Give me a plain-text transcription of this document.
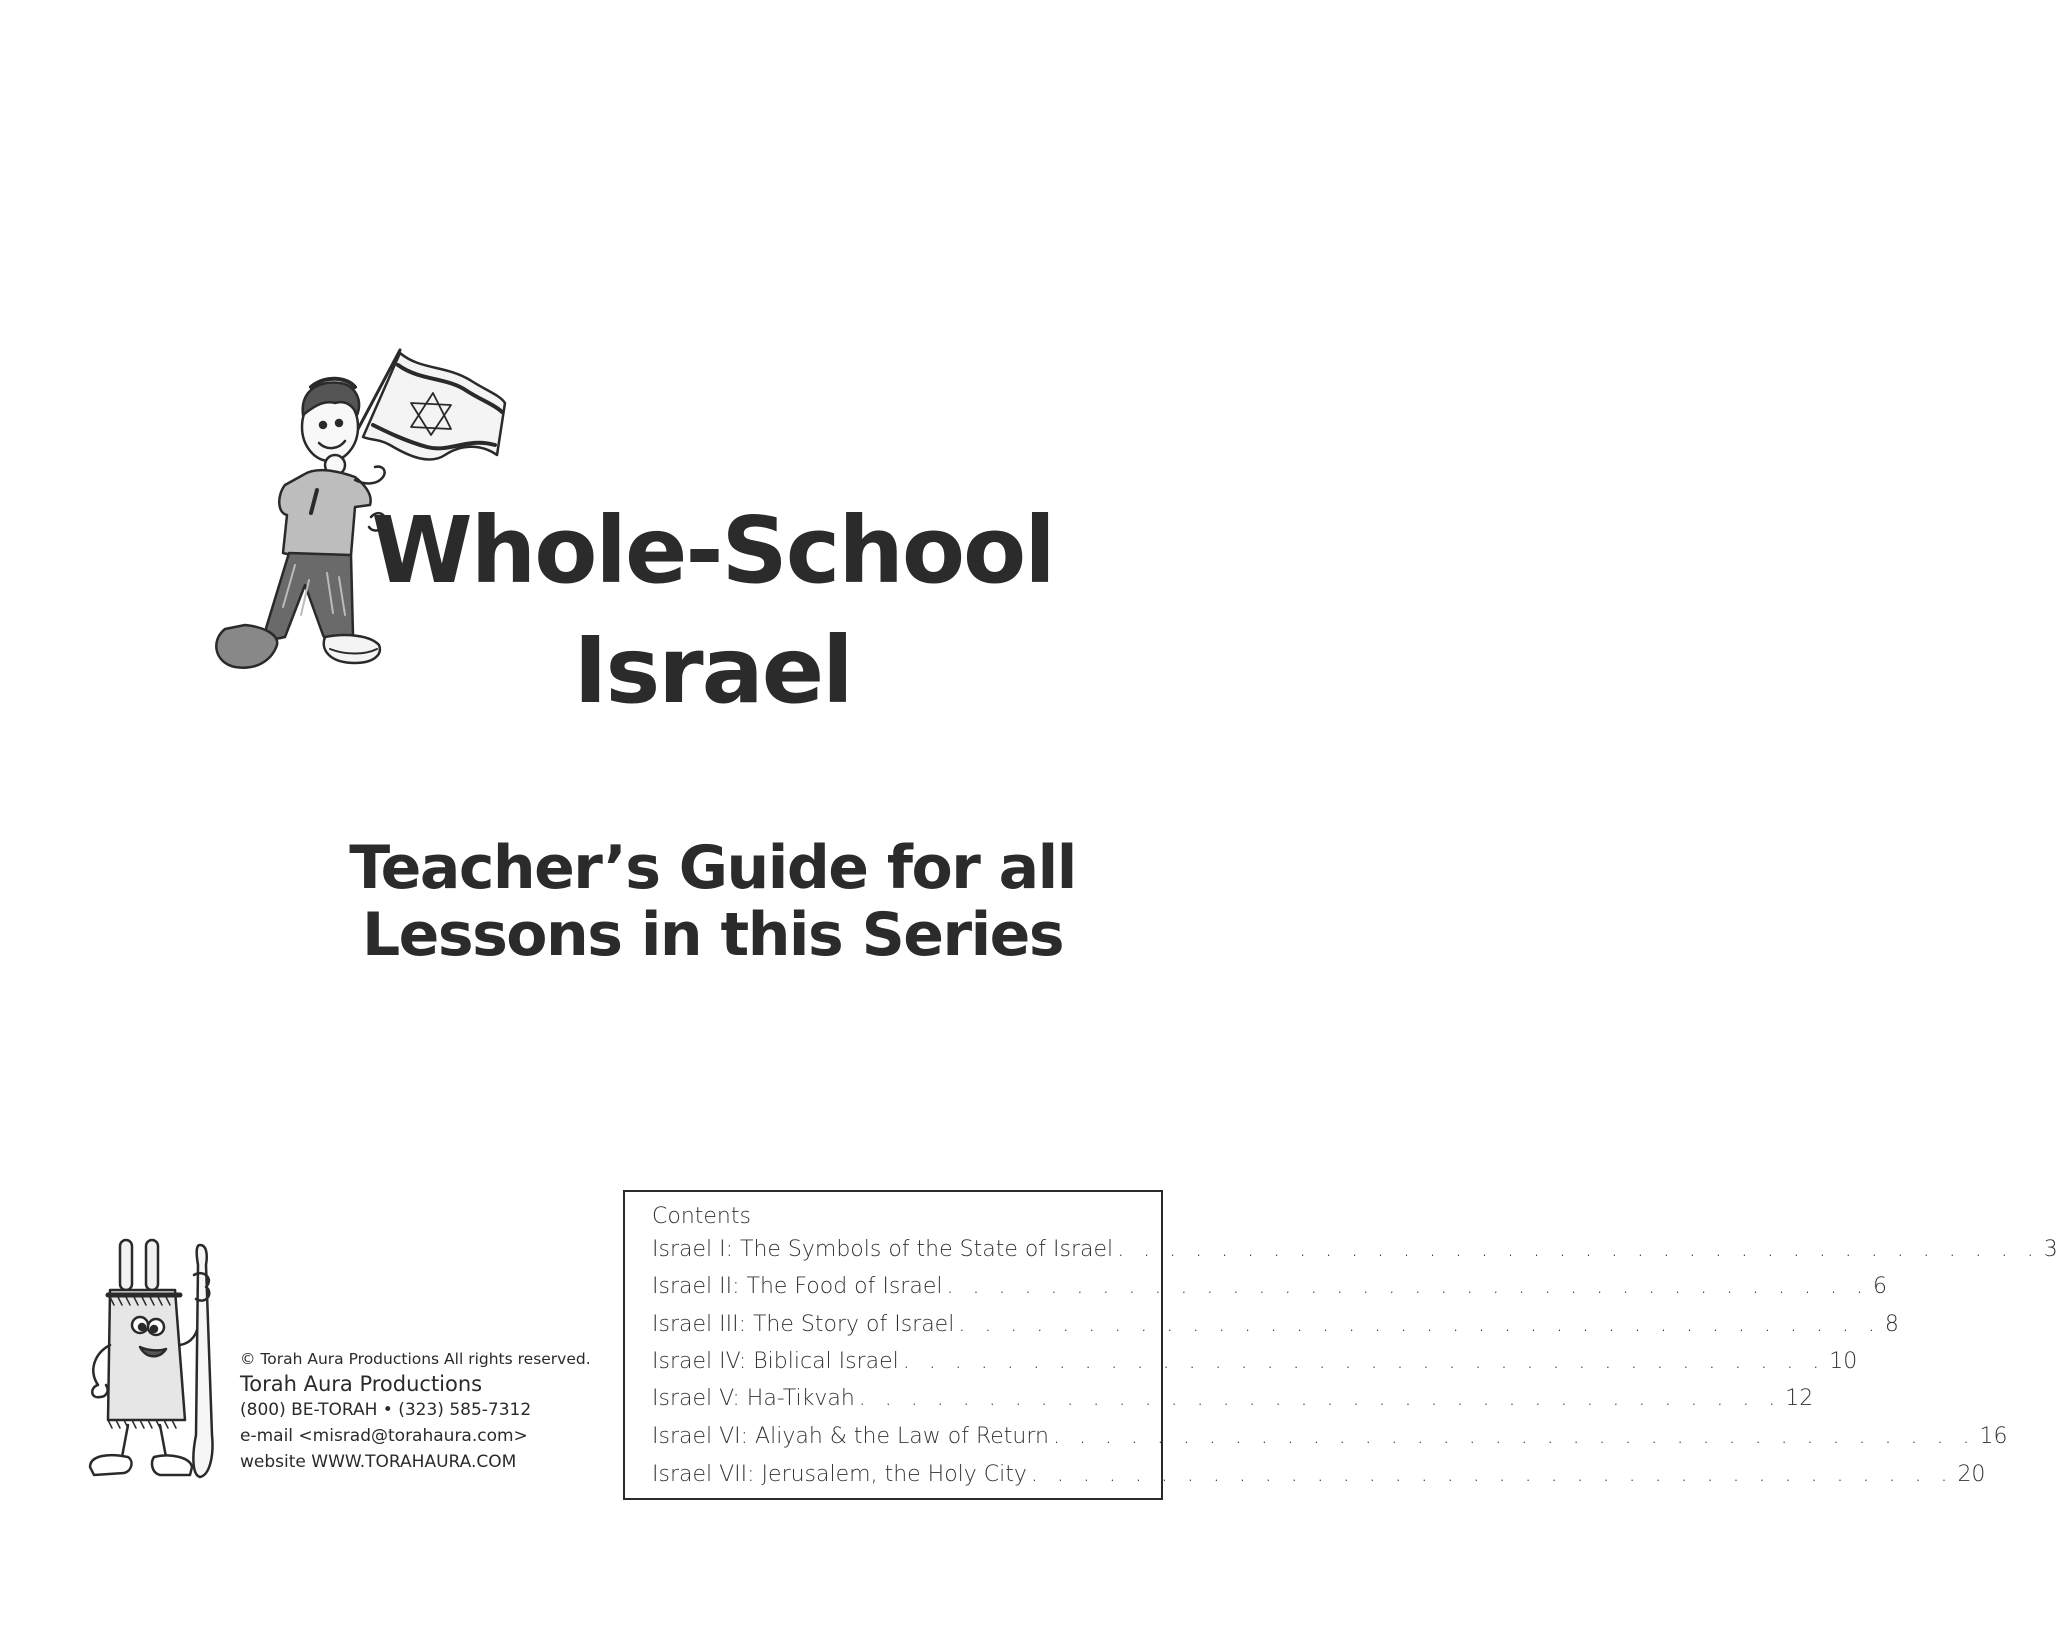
Whole-School
Israel
Teacher’s Guide for all
Lessons in this Series
© Torah Aura Productions All rights reserved.
Torah Aura Productions
(800) BE-TORAH • (323) 585-7312
e-mail <misrad@torahaura.com>
website WWW.TORAHAURA.COM
Contents
Israel I: The Symbols of the State of Israel . . . . . . . . . . . . . . . . . . . . . . . . . . . . . . . . . . . . 3
Israel II: The Food of Israel . . . . . . . . . . . . . . . . . . . . . . . . . . . . . . . . . . . . 6
Israel III: The Story of Israel . . . . . . . . . . . . . . . . . . . . . . . . . . . . . . . . . . . . 8
Israel IV: Biblical Israel . . . . . . . . . . . . . . . . . . . . . . . . . . . . . . . . . . . . 10
Israel V: Ha-Tikvah . . . . . . . . . . . . . . . . . . . . . . . . . . . . . . . . . . . . 12
Israel VI: Aliyah & the Law of Return . . . . . . . . . . . . . . . . . . . . . . . . . . . . . . . . . . . . 16
Israel VII: Jerusalem, the Holy City . . . . . . . . . . . . . . . . . . . . . . . . . . . . . . . . . . . . 20
